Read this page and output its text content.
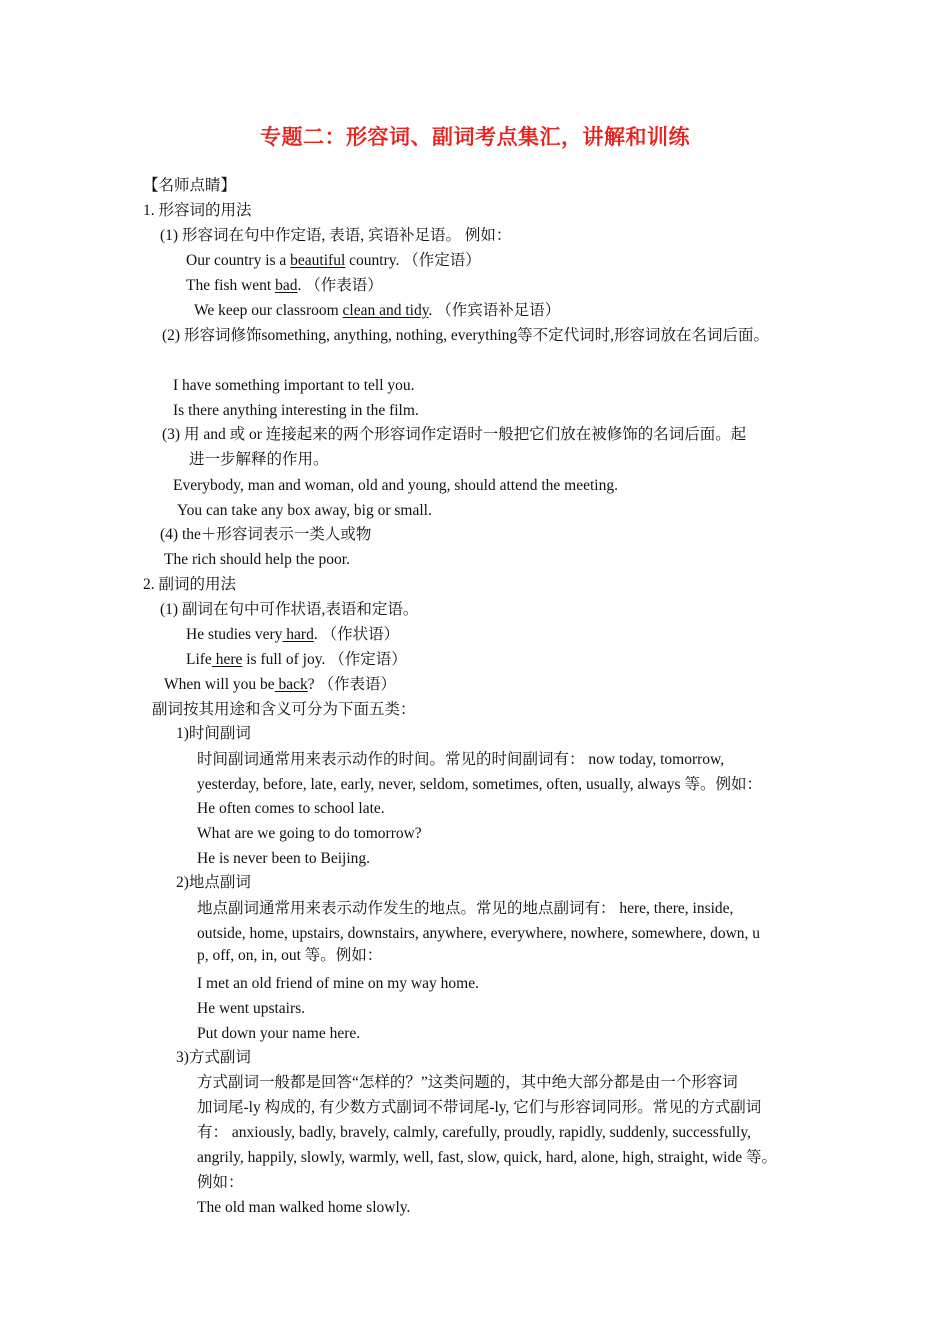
专题二：形容词、副词考点集汇，讲解和训练
【名师点睛】
1. 形容词的用法
(1) 形容词在句中作定语, 表语, 宾语补足语。 例如：
Our country is a beautiful country. （作定语）
The fish went bad. （作表语）
We keep our classroom clean and tidy. （作宾语补足语）
(2) 形容词修饰something, anything, nothing, everything等不定代词时,形容词放在名词后面。
I have something important to tell you.
Is there anything interesting in the film.
(3) 用 and 或 or 连接起来的两个形容词作定语时一般把它们放在被修饰的名词后面。起
进一步解释的作用。
Everybody, man and woman, old and young, should attend the meeting.
You can take any box away, big or small.
(4) the＋形容词表示一类人或物
The rich should help the poor.
2. 副词的用法
(1) 副词在句中可作状语,表语和定语。
He studies very hard. （作状语）
Life here is full of joy. （作定语）
When will you be back? （作表语）
副词按其用途和含义可分为下面五类：
1)时间副词
时间副词通常用来表示动作的时间。常见的时间副词有： now today, tomorrow,
yesterday, before, late, early, never, seldom, sometimes, often, usually, always 等。例如：
He often comes to school late.
What are we going to do tomorrow?
He is never been to Beijing.
2)地点副词
地点副词通常用来表示动作发生的地点。常见的地点副词有： here, there, inside,
outside, home, upstairs, downstairs, anywhere, everywhere, nowhere, somewhere, down, u
p, off, on, in, out 等。例如：
I met an old friend of mine on my way home.
He went upstairs.
Put down your name here.
3)方式副词
方式副词一般都是回答“怎样的？”这类问题的，其中绝大部分都是由一个形容词
加词尾-ly 构成的, 有少数方式副词不带词尾-ly, 它们与形容词同形。常见的方式副词
有： anxiously, badly, bravely, calmly, carefully, proudly, rapidly, suddenly, successfully,
angrily, happily, slowly, warmly, well, fast, slow, quick, hard, alone, high, straight, wide 等。
例如：
The old man walked home slowly.
